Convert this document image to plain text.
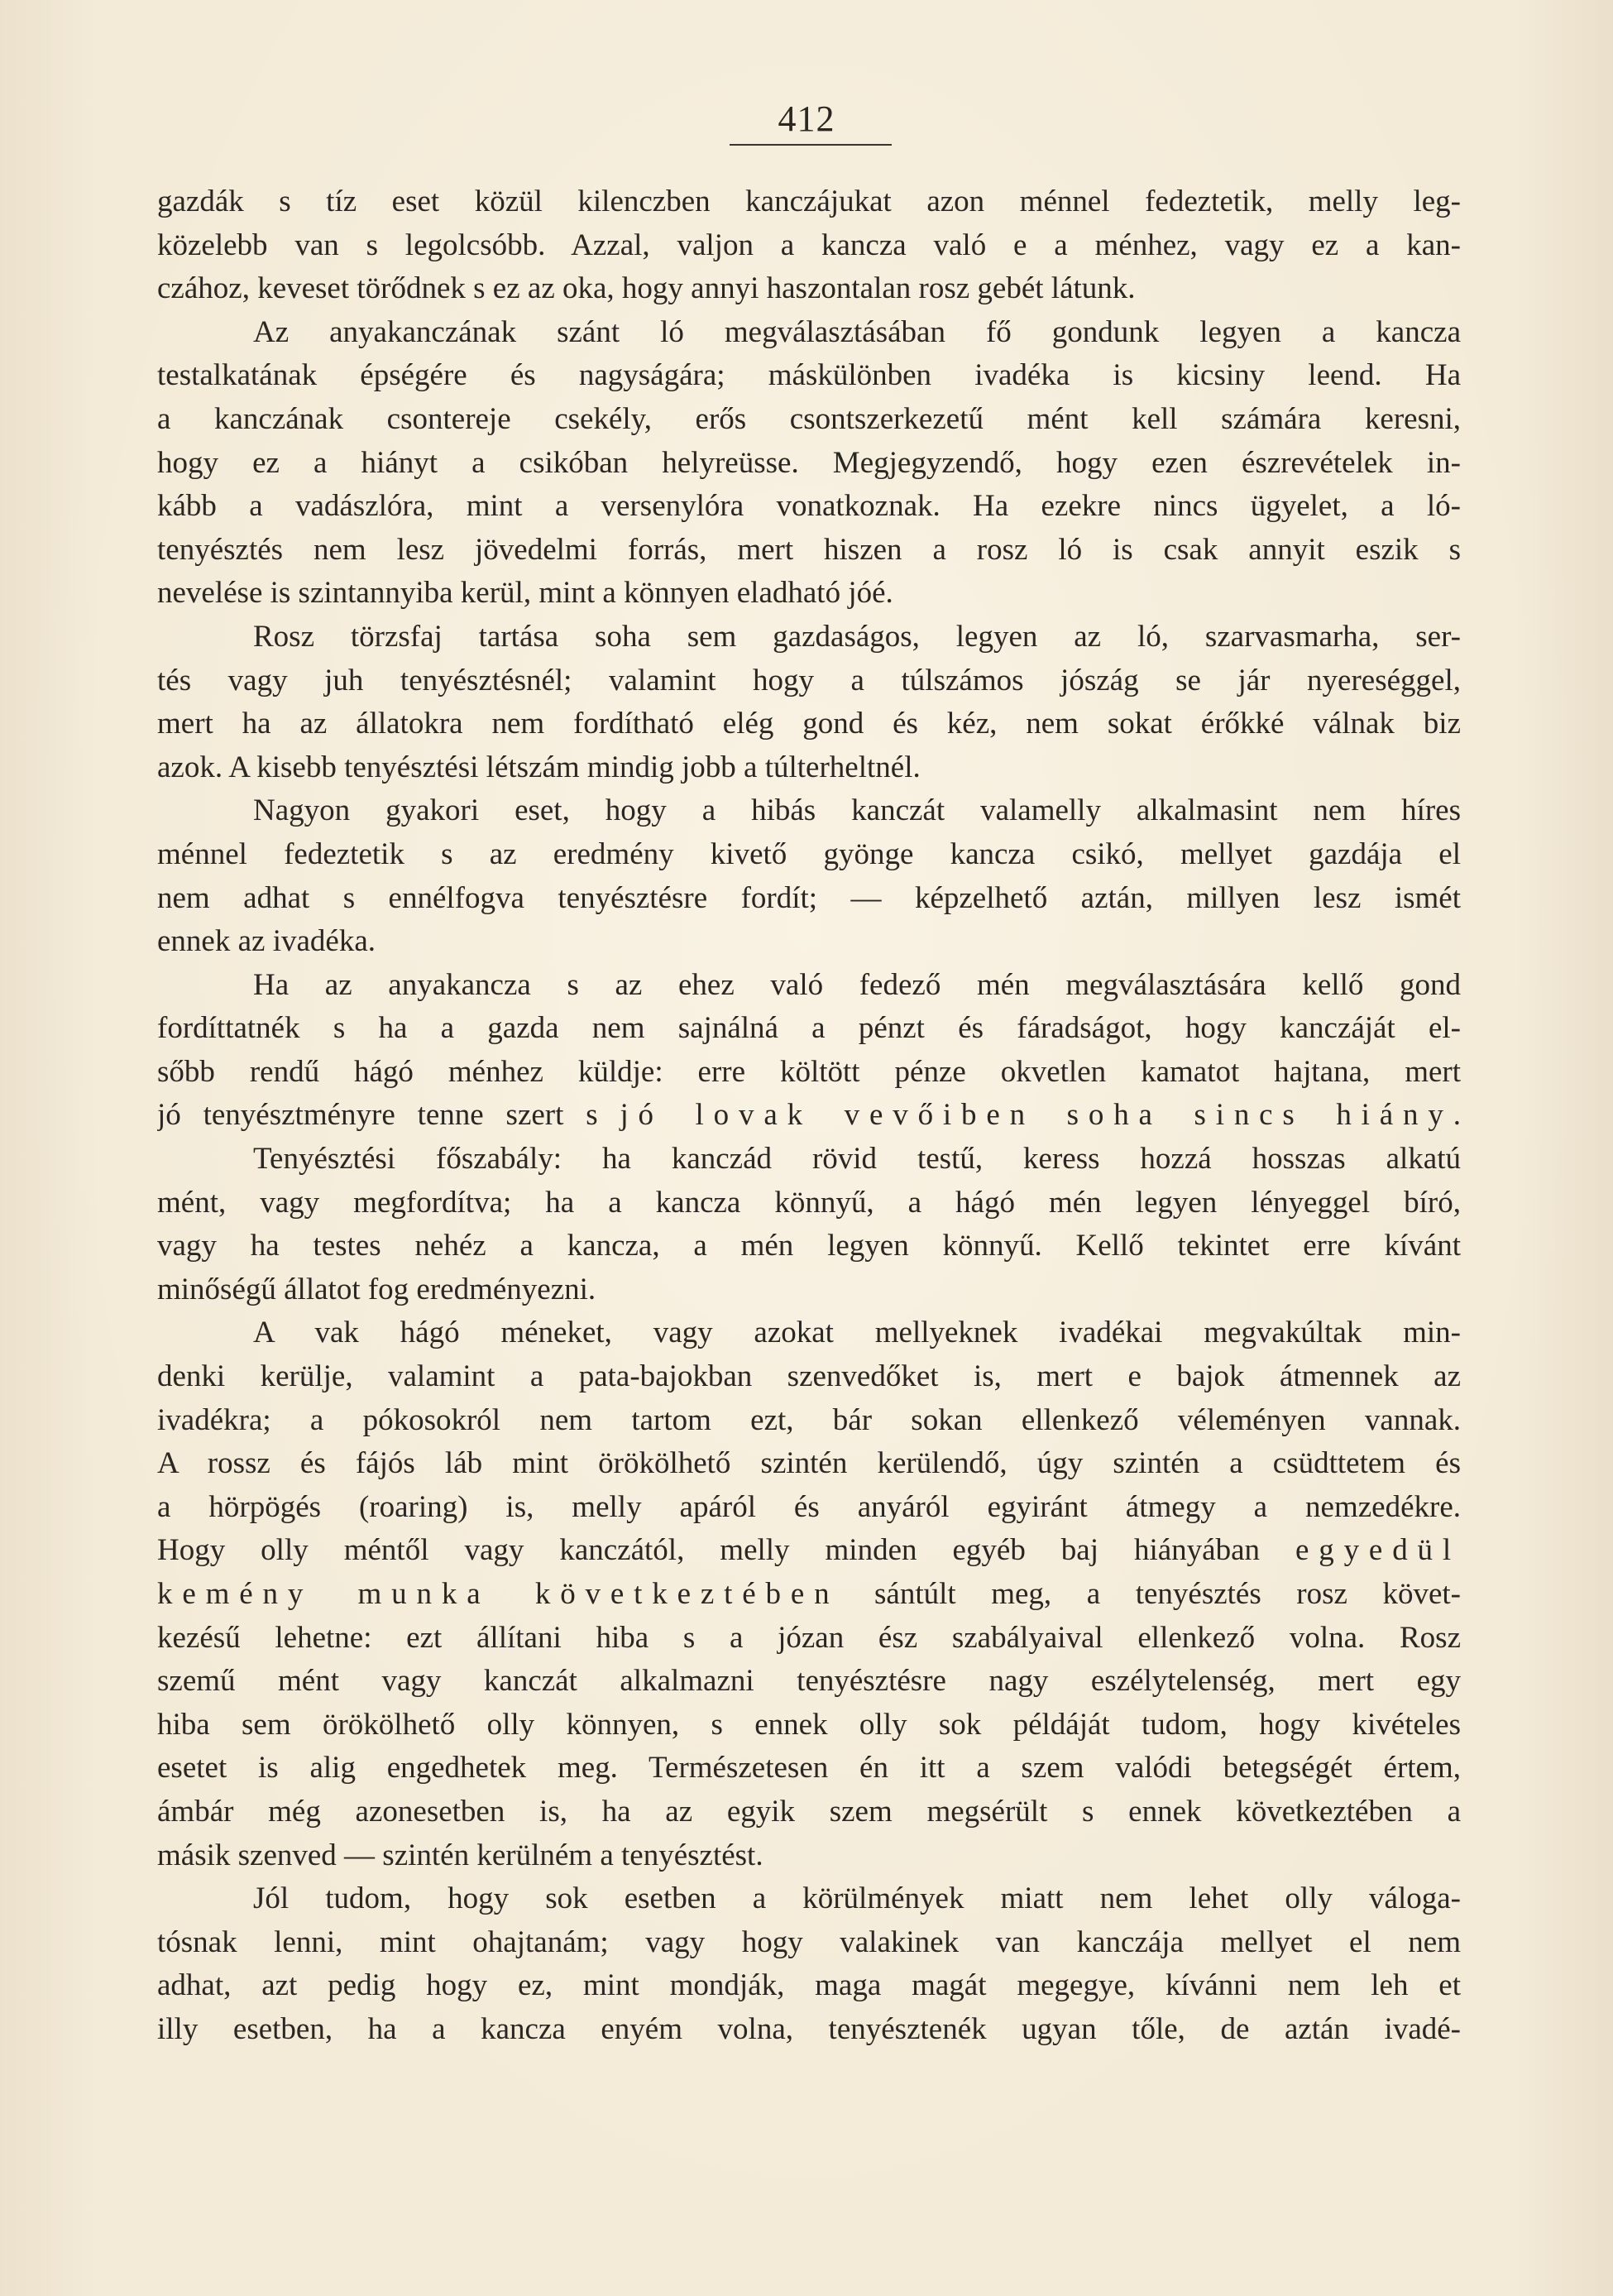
412
gazdák s tíz eset közül kilenczben kanczájukat azon ménnel fedeztetik, melly leg-
közelebb van s legolcsóbb. Azzal, valjon a kancza való e a ménhez, vagy ez a kan-
czához, keveset törődnek s ez az oka, hogy annyi haszontalan rosz gebét látunk.
Az anyakanczának szánt ló megválasztásában fő gondunk legyen a kancza
testalkatának épségére és nagyságára; máskülönben ivadéka is kicsiny leend. Ha
a kanczának csontereje csekély, erős csontszerkezetű mént kell számára keresni,
hogy ez a hiányt a csikóban helyreüsse. Megjegyzendő, hogy ezen észrevételek in-
kább a vadászlóra, mint a versenylóra vonatkoznak. Ha ezekre nincs ügyelet, a ló-
tenyésztés nem lesz jövedelmi forrás, mert hiszen a rosz ló is csak annyit eszik s
nevelése is szintannyiba kerül, mint a könnyen eladható jóé.
Rosz törzsfaj tartása soha sem gazdaságos, legyen az ló, szarvasmarha, ser-
tés vagy juh tenyésztésnél; valamint hogy a túlszámos jószág se jár nyereséggel,
mert ha az állatokra nem fordítható elég gond és kéz, nem sokat érőkké válnak biz
azok. A kisebb tenyésztési létszám mindig jobb a túlterheltnél.
Nagyon gyakori eset, hogy a hibás kanczát valamelly alkalmasint nem híres
ménnel fedeztetik s az eredmény kivető gyönge kancza csikó, mellyet gazdája el
nem adhat s ennélfogva tenyésztésre fordít; — képzelhető aztán, millyen lesz ismét
ennek az ivadéka.
Ha az anyakancza s az ehez való fedező mén megválasztására kellő gond
fordíttatnék s ha a gazda nem sajnálná a pénzt és fáradságot, hogy kanczáját el-
sőbb rendű hágó ménhez küldje: erre költött pénze okvetlen kamatot hajtana, mert
jó tenyésztményre tenne szert s jó lovak vevőiben soha sincs hiány.
Tenyésztési főszabály: ha kanczád rövid testű, keress hozzá hosszas alkatú
mént, vagy megfordítva; ha a kancza könnyű, a hágó mén legyen lényeggel bíró,
vagy ha testes nehéz a kancza, a mén legyen könnyű. Kellő tekintet erre kívánt
minőségű állatot fog eredményezni.
A vak hágó méneket, vagy azokat mellyeknek ivadékai megvakúltak min-
denki kerülje, valamint a pata-bajokban szenvedőket is, mert e bajok átmennek az
ivadékra; a pókosokról nem tartom ezt, bár sokan ellenkező véleményen vannak.
A rossz és fájós láb mint örökölhető szintén kerülendő, úgy szintén a csüdttetem és
a hörpögés (roaring) is, melly apáról és anyáról egyiránt átmegy a nemzedékre.
Hogy olly méntől vagy kanczától, melly minden egyéb baj hiányában egyedül
kemény munka következtében sántúlt meg, a tenyésztés rosz követ-
kezésű lehetne: ezt állítani hiba s a józan ész szabályaival ellenkező volna. Rosz
szemű mént vagy kanczát alkalmazni tenyésztésre nagy eszélytelenség, mert egy
hiba sem örökölhető olly könnyen, s ennek olly sok példáját tudom, hogy kivételes
esetet is alig engedhetek meg. Természetesen én itt a szem valódi betegségét értem,
ámbár még azonesetben is, ha az egyik szem megsérült s ennek következtében a
másik szenved — szintén kerülném a tenyésztést.
Jól tudom, hogy sok esetben a körülmények miatt nem lehet olly válogа-
tósnak lenni, mint ohajtanám; vagy hogy valakinek van kanczája mellyet el nem
adhat, azt pedig hogy ez, mint mondják, maga magát megegye, kívánni nem leh et
illy esetben, ha a kancza enyém volna, tenyésztenék ugyan tőle, de aztán ivadé-
